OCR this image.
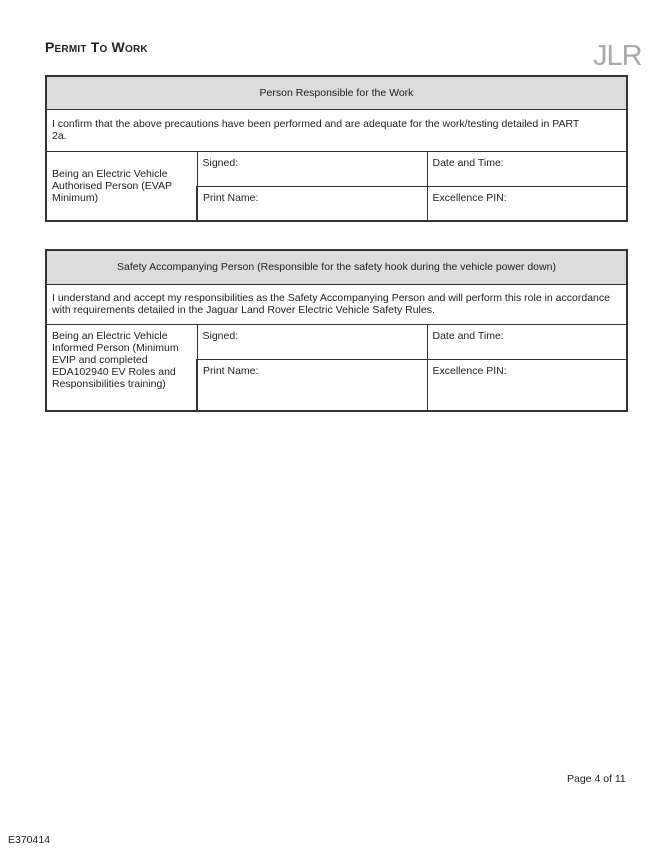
Permit To Work	JLR
Person Responsible for the Work		

I confirm that the above precautions have been performed and are adequate for the work/testing detailed in PART 2a.		

Being an Electric Vehicle Authorised Person (EVAP Minimum)	Signed:	Date and Time:
	Print Name:	Excellence PIN:
Safety Accompanying Person (Responsible for the safety hook during the vehicle power down)		

I understand and accept my responsibilities as the Safety Accompanying Person and will perform this role in accordance with requirements detailed in the Jaguar Land Rover Electric Vehicle Safety Rules.		

Being an Electric Vehicle Informed Person (Minimum EVIP and completed EDA102940 EV Roles and Responsibilities training)	Signed:	Date and Time:
	Print Name:	Excellence PIN:
Page 4 of 11
E370414
